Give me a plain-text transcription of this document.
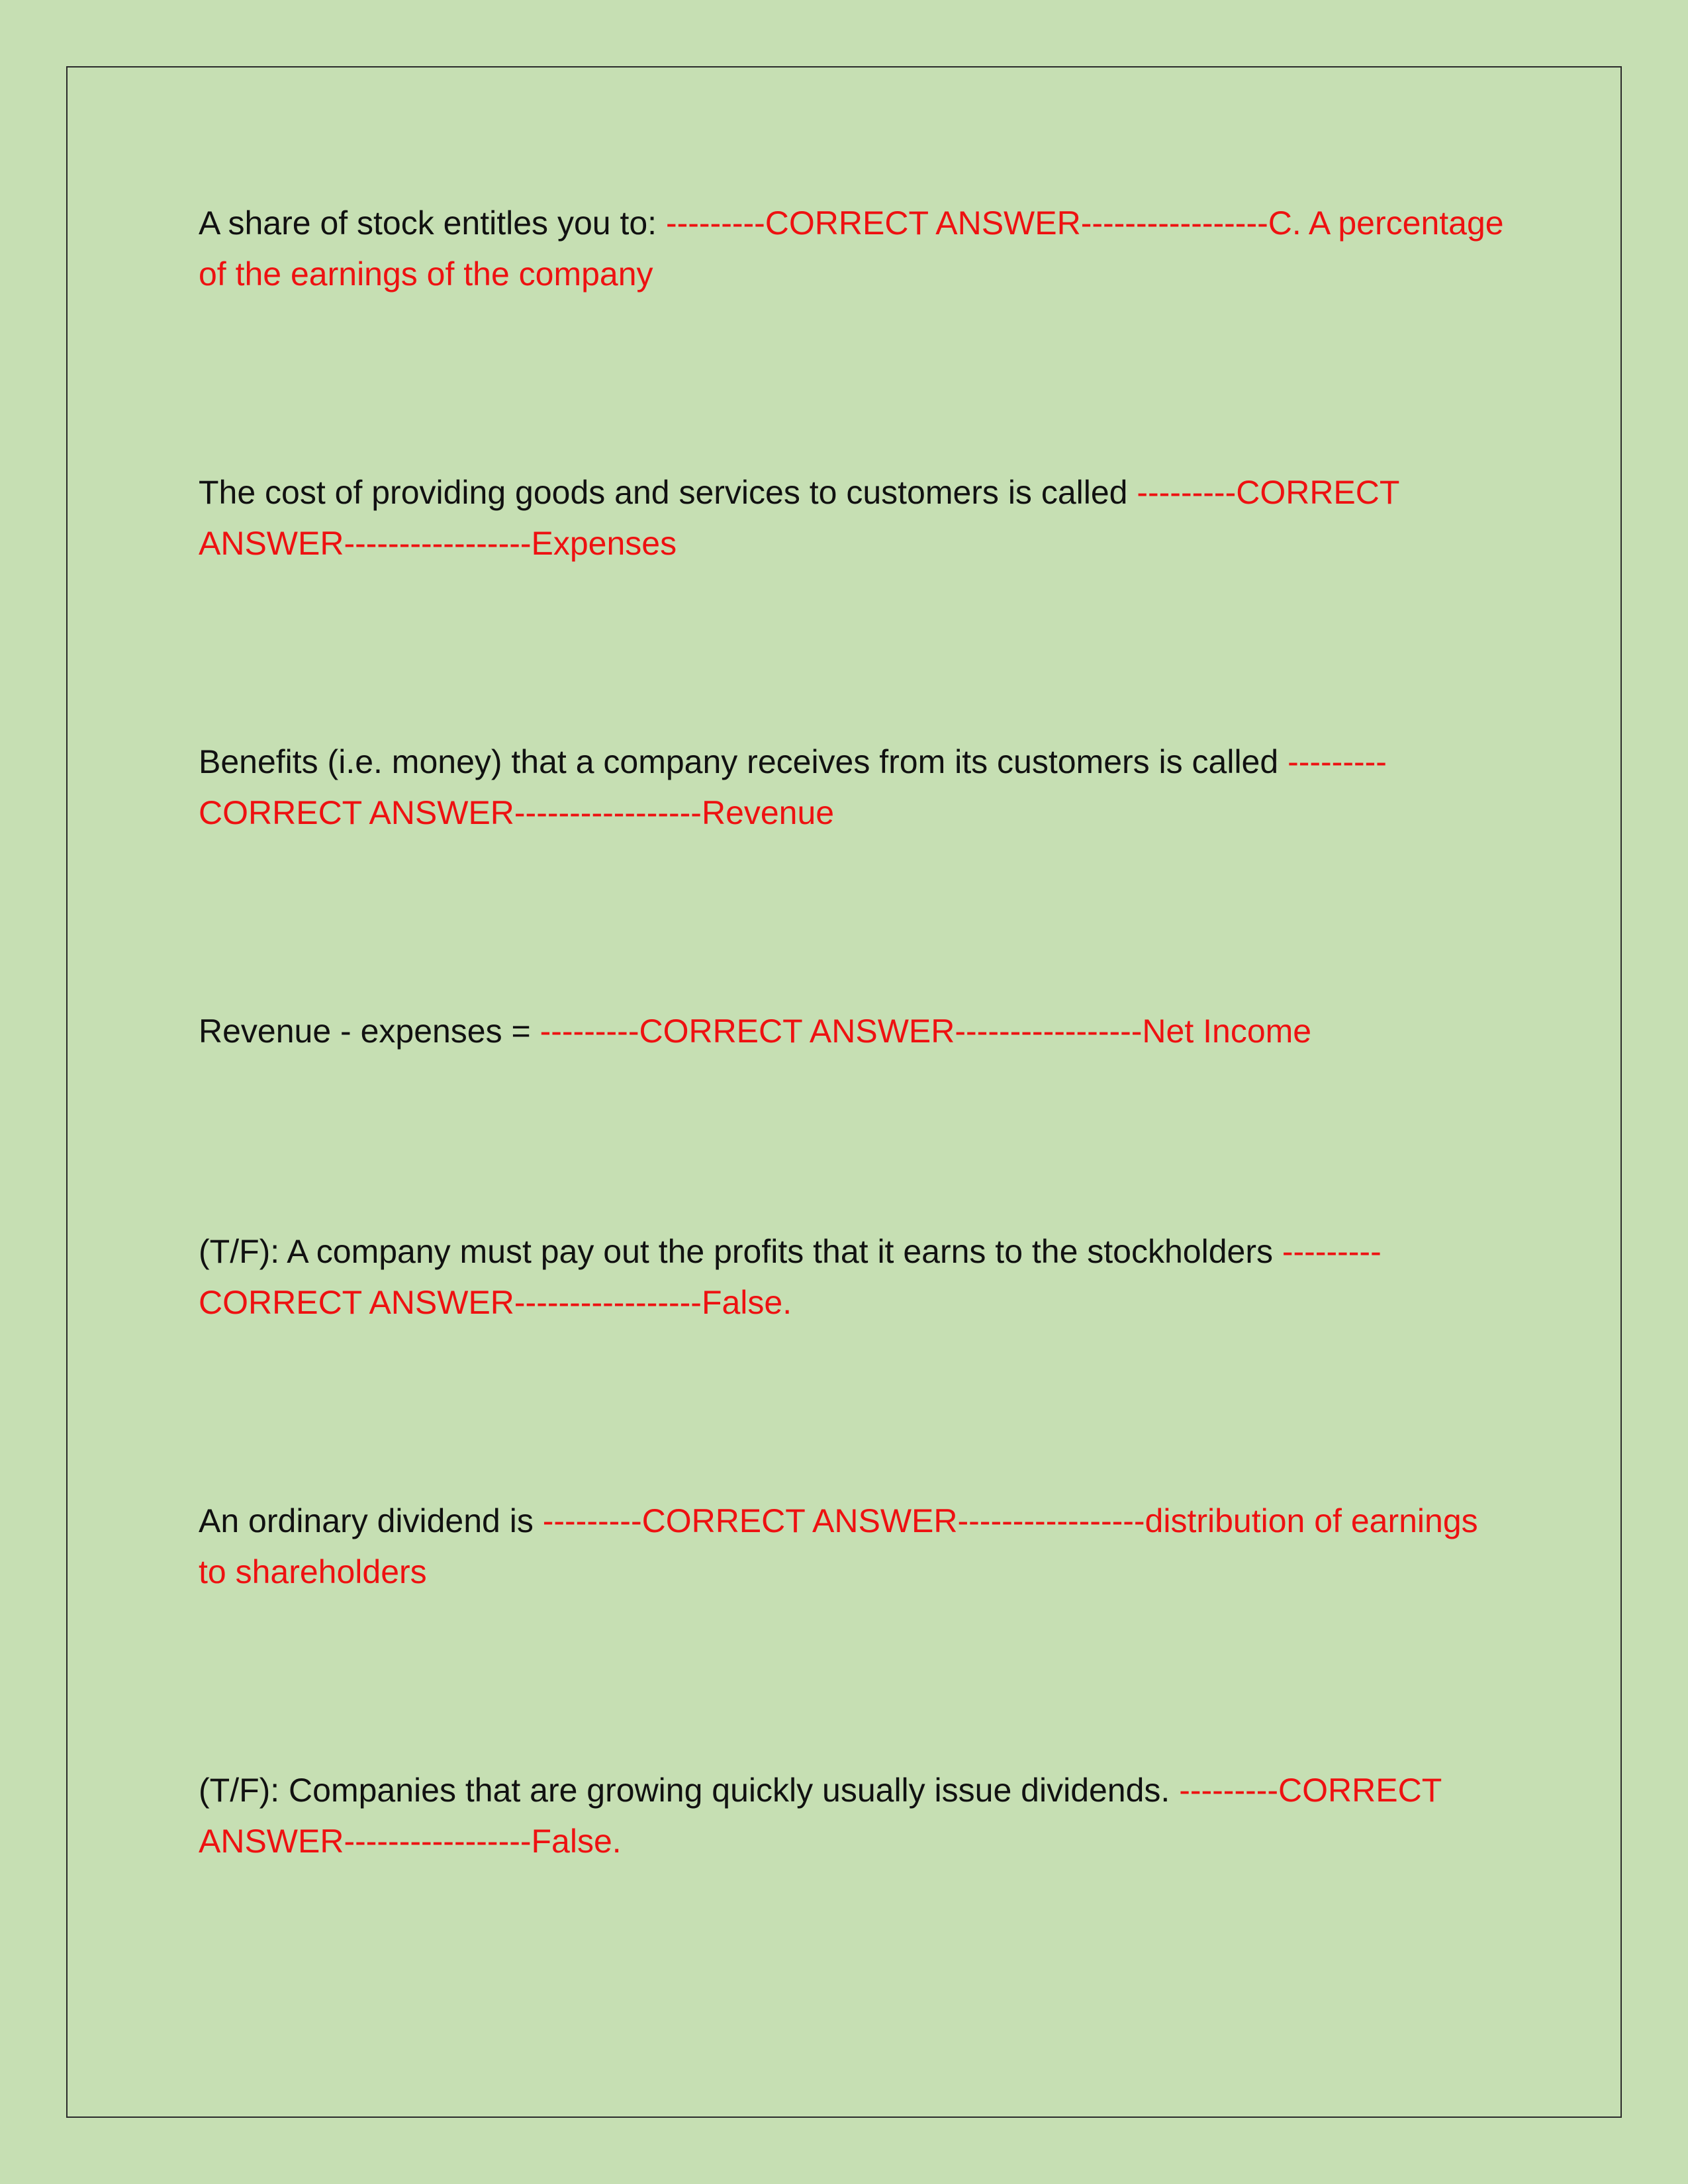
A share of stock entitles you to: ---------CORRECT ANSWER-----------------C. A percentage of the earnings of the company

The cost of providing goods and services to customers is called ---------CORRECT ANSWER-----------------Expenses

Benefits (i.e. money) that a company receives from its customers is called ---------CORRECT ANSWER-----------------Revenue

Revenue - expenses = ---------CORRECT ANSWER-----------------Net Income

(T/F): A company must pay out the profits that it earns to the stockholders ---------CORRECT ANSWER-----------------False.

An ordinary dividend is ---------CORRECT ANSWER-----------------distribution of earnings to shareholders

(T/F): Companies that are growing quickly usually issue dividends. ---------CORRECT ANSWER-----------------False.
